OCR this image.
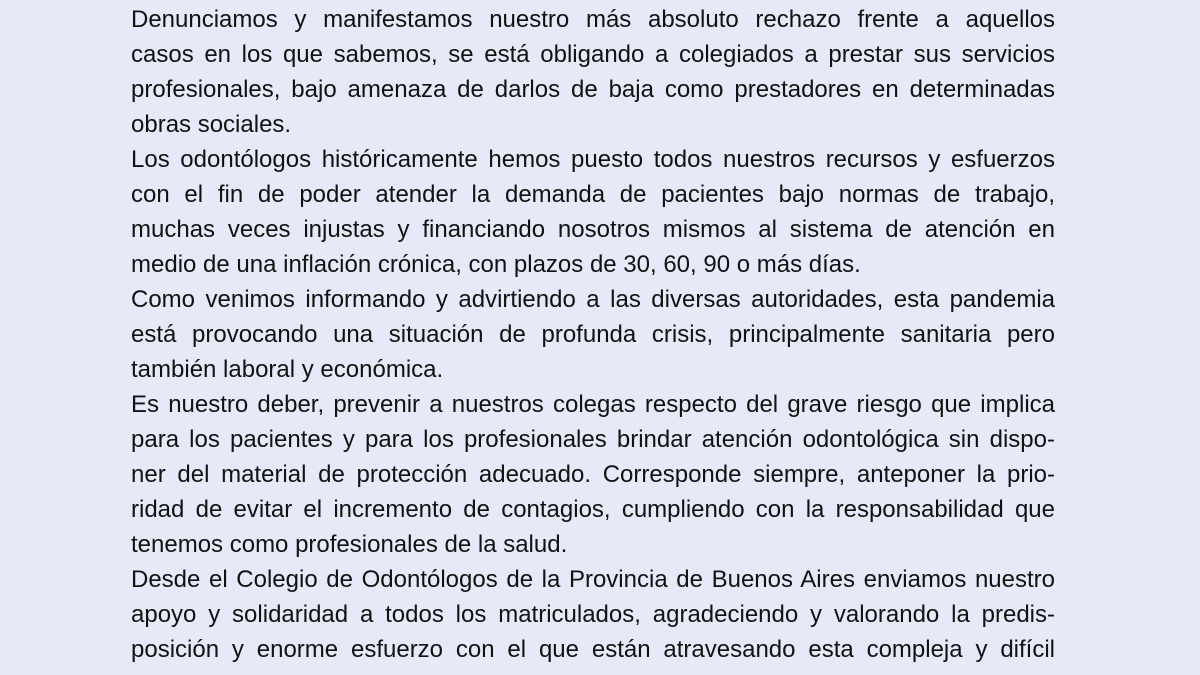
Denunciamos y manifestamos nuestro más absoluto rechazo frente a aquellos
casos en los que sabemos, se está obligando a colegiados a prestar sus servicios
profesionales, bajo amenaza de darlos de baja como prestadores en determinadas
obras sociales.
Los odontólogos históricamente hemos puesto todos nuestros recursos y esfuerzos
con el fin de poder atender la demanda de pacientes bajo normas de trabajo,
muchas veces injustas y financiando nosotros mismos al sistema de atención en
medio de una inflación crónica, con plazos de 30, 60, 90 o más días.
Como venimos informando y advirtiendo a las diversas autoridades, esta pandemia
está provocando una situación de profunda crisis, principalmente sanitaria pero
también laboral y económica.
Es nuestro deber, prevenir a nuestros colegas respecto del grave riesgo que implica
para los pacientes y para los profesionales brindar atención odontológica sin dispo-
ner del material de protección adecuado. Corresponde siempre, anteponer la prio-
ridad de evitar el incremento de contagios, cumpliendo con la responsabilidad que
tenemos como profesionales de la salud.
Desde el Colegio de Odontólogos de la Provincia de Buenos Aires enviamos nuestro
apoyo y solidaridad a todos los matriculados, agradeciendo y valorando la predis-
posición y enorme esfuerzo con el que están atravesando esta compleja y difícil
